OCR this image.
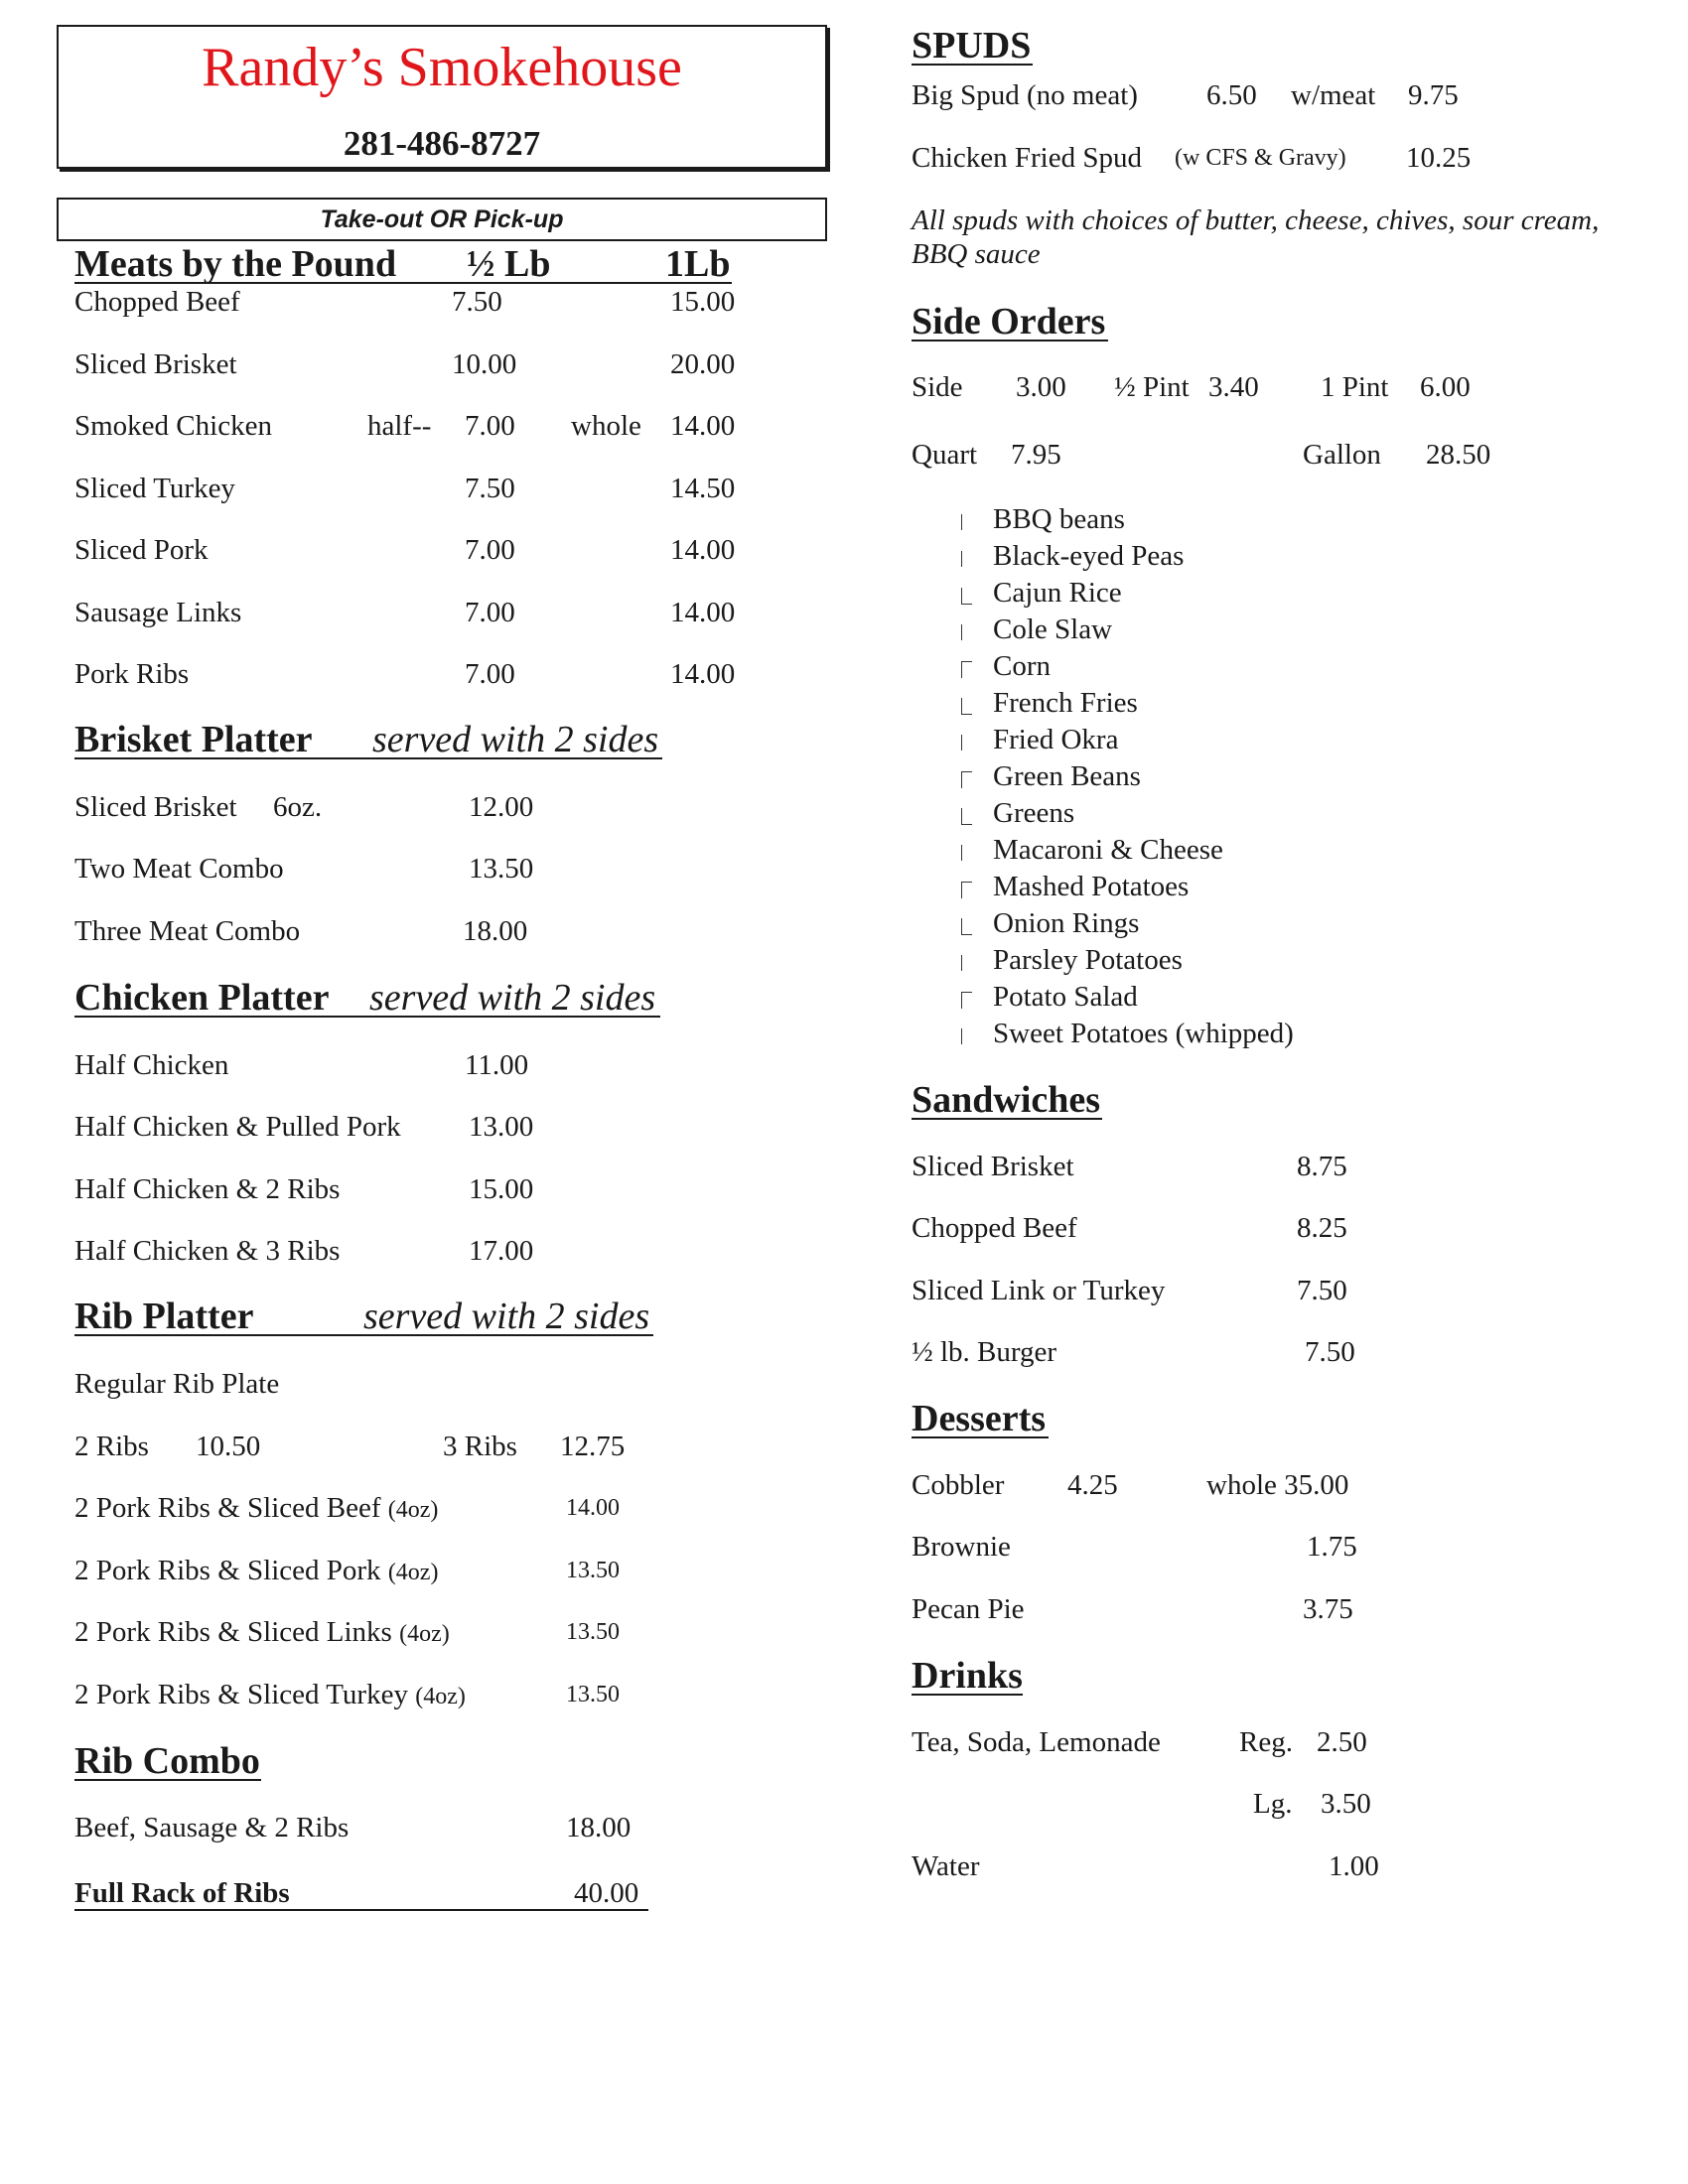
Randy’s Smokehouse
281-486-8727
Take-out OR Pick-up
Meats by the Pound ½ Lb	1Lb
Chopped Beef	7.50	15.00
Sliced Brisket	10.00	20.00
Smoked Chicken	half-- 7.00 whole 14.00
Sliced Turkey	7.50	14.50
Sliced Pork	7.00	14.00
Sausage Links	7.00	14.00
Pork Ribs	7.00	14.00
Brisket Platter served with 2 sides
Sliced Brisket 6oz.	12.00
Two Meat Combo	13.50
Three Meat Combo	18.00
Chicken Platter served with 2 sides
Half Chicken	11.00
Half Chicken & Pulled Pork 13.00
Half Chicken & 2 Ribs	15.00
Half Chicken & 3 Ribs	17.00
Rib Platter	served with 2 sides
Regular Rib Plate
2 Ribs 10.50	3 Ribs 12.75
2 Pork Ribs & Sliced Beef (4oz)	14.00
2 Pork Ribs & Sliced Pork (4oz)	13.50
2 Pork Ribs & Sliced Links (4oz)	13.50
2 Pork Ribs & Sliced Turkey (4oz)	13.50
Rib Combo
Beef, Sausage & 2 Ribs	18.00
Full Rack of Ribs	40.00
SPUDS
Big Spud (no meat) 6.50 w/meat 9.75
Chicken Fried Spud (w CFS & Gravy) 10.25
All spuds with choices of butter, cheese, chives, sour cream,
BBQ sauce
Side Orders
Side 3.00 ½ Pint 3.40 1 Pint 6.00
Quart 7.95	Gallon 28.50
BBQ beans
Black-eyed Peas
Cajun Rice
Cole Slaw
Corn
French Fries
Fried Okra
Green Beans
Greens
Macaroni & Cheese
Mashed Potatoes
Onion Rings
Parsley Potatoes
Potato Salad
Sweet Potatoes (whipped)
Sandwiches
Sliced Brisket	8.75
Chopped Beef	8.25
Sliced Link or Turkey	7.50
½ lb. Burger	7.50
Desserts
Cobbler 4.25	whole 35.00
Brownie	1.75
Pecan Pie	3.75
Drinks
Tea, Soda, Lemonade	Reg. 2.50
Lg. 3.50
Water	1.00
